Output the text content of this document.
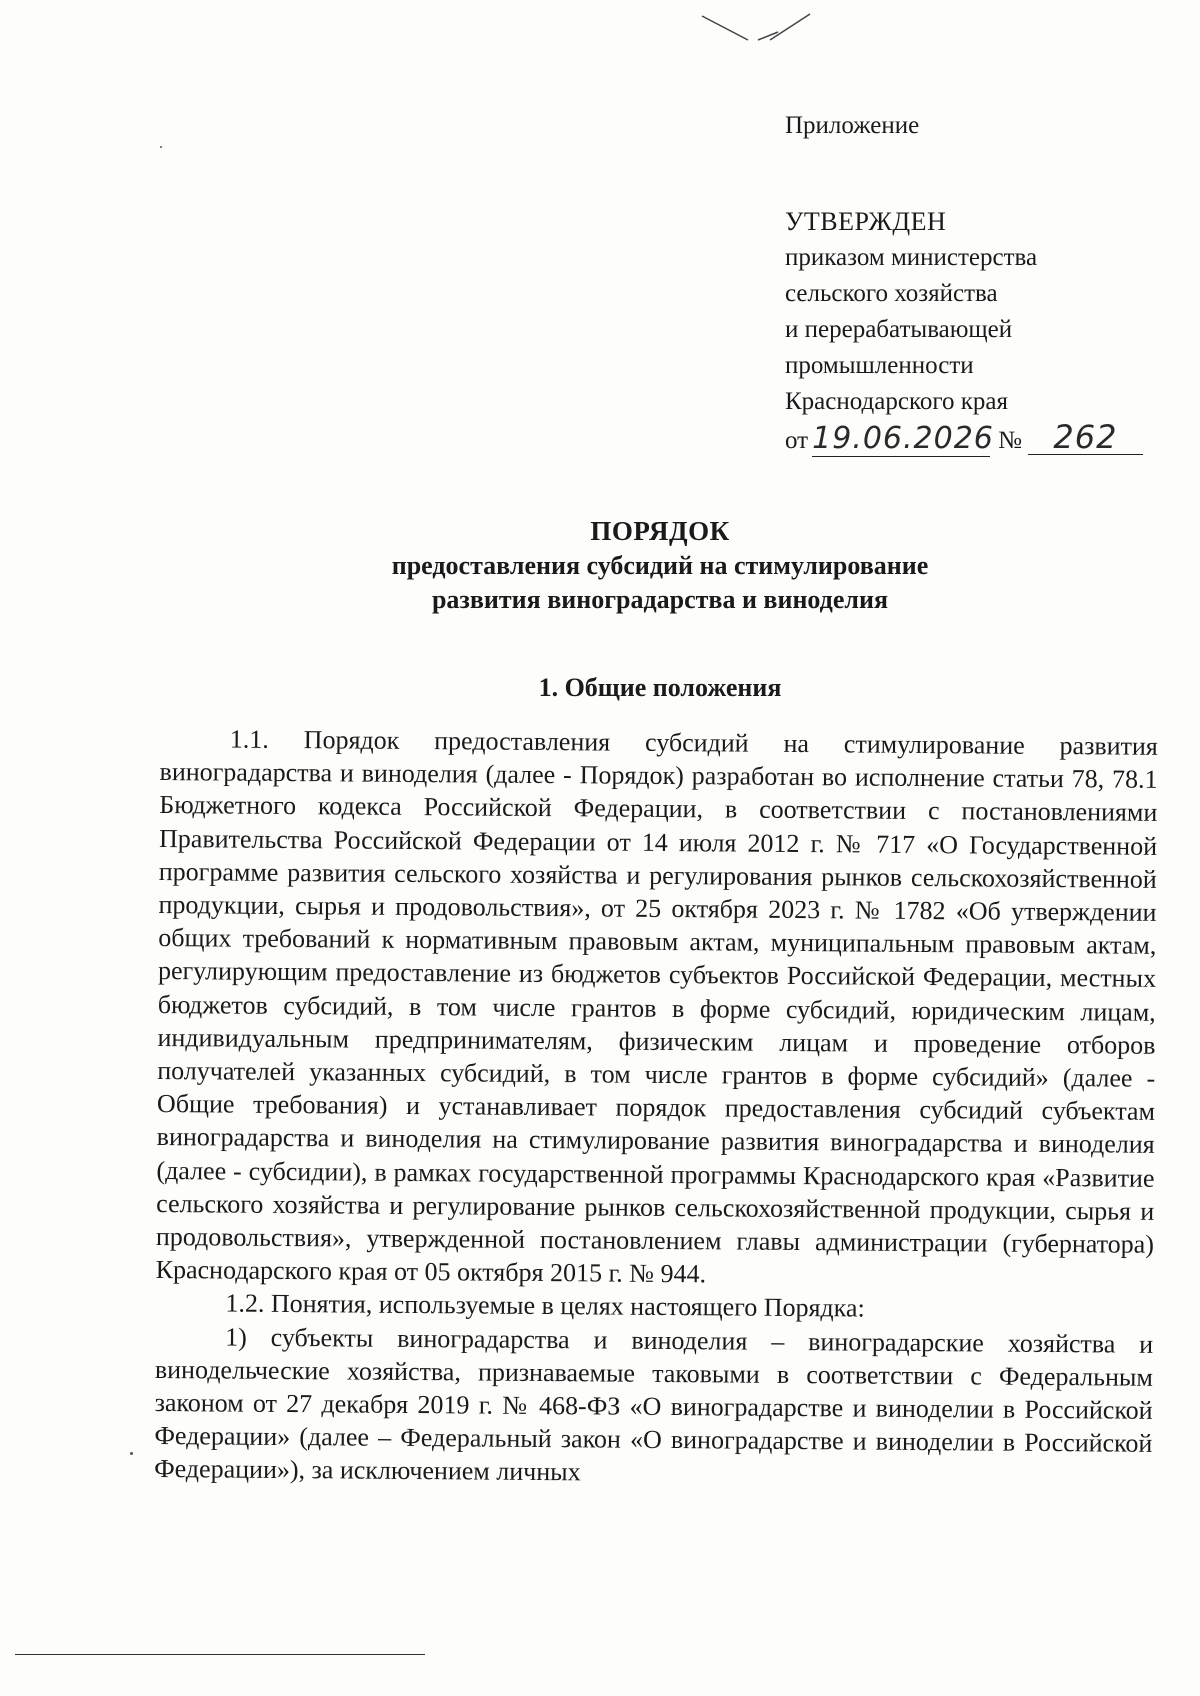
Приложение
УТВЕРЖДЕН
приказом министерства
сельского хозяйства
и перерабатывающей
промышленности
Краснодарского края
от 19.06.2026 № 262
ПОРЯДОК
предоставления субсидий на стимулирование
развития виноградарства и виноделия
1. Общие положения

1.1. Порядок предоставления субсидий на стимулирование развития виноградарства и виноделия (далее - Порядок) разработан во исполнение статьи 78, 78.1 Бюджетного кодекса Российской Федерации, в соответствии с постановлениями Правительства Российской Федерации от 14 июля 2012 г. № 717 «О Государственной программе развития сельского хозяйства и регулирования рынков сельскохозяйственной продукции, сырья и продовольствия», от 25 октября 2023 г. № 1782 «Об утверждении общих требований к нормативным правовым актам, муниципальным правовым актам, регулирующим предоставление из бюджетов субъектов Российской Федерации, местных бюджетов субсидий, в том числе грантов в форме субсидий, юридическим лицам, индивидуальным предпринимателям, физическим лицам и проведение отборов получателей указанных субсидий, в том числе грантов в форме субсидий» (далее - Общие требования) и устанавливает порядок предоставления субсидий субъектам виноградарства и виноделия на стимулирование развития виноградарства и виноделия (далее - субсидии), в рамках государственной программы Краснодарского края «Развитие сельского хозяйства и регулирование рынков сельскохозяйственной продукции, сырья и продовольствия», утвержденной постановлением главы администрации (губернатора) Краснодарского края от 05 октября 2015 г. № 944.

1.2. Понятия, используемые в целях настоящего Порядка:

1) субъекты виноградарства и виноделия – виноградарские хозяйства и винодельческие хозяйства, признаваемые таковыми в соответствии с Федеральным законом от 27 декабря 2019 г. № 468-ФЗ «О виноградарстве и виноделии в Российской Федерации» (далее – Федеральный закон «О виноградарстве и виноделии в Российской Федерации»), за исключением личных
